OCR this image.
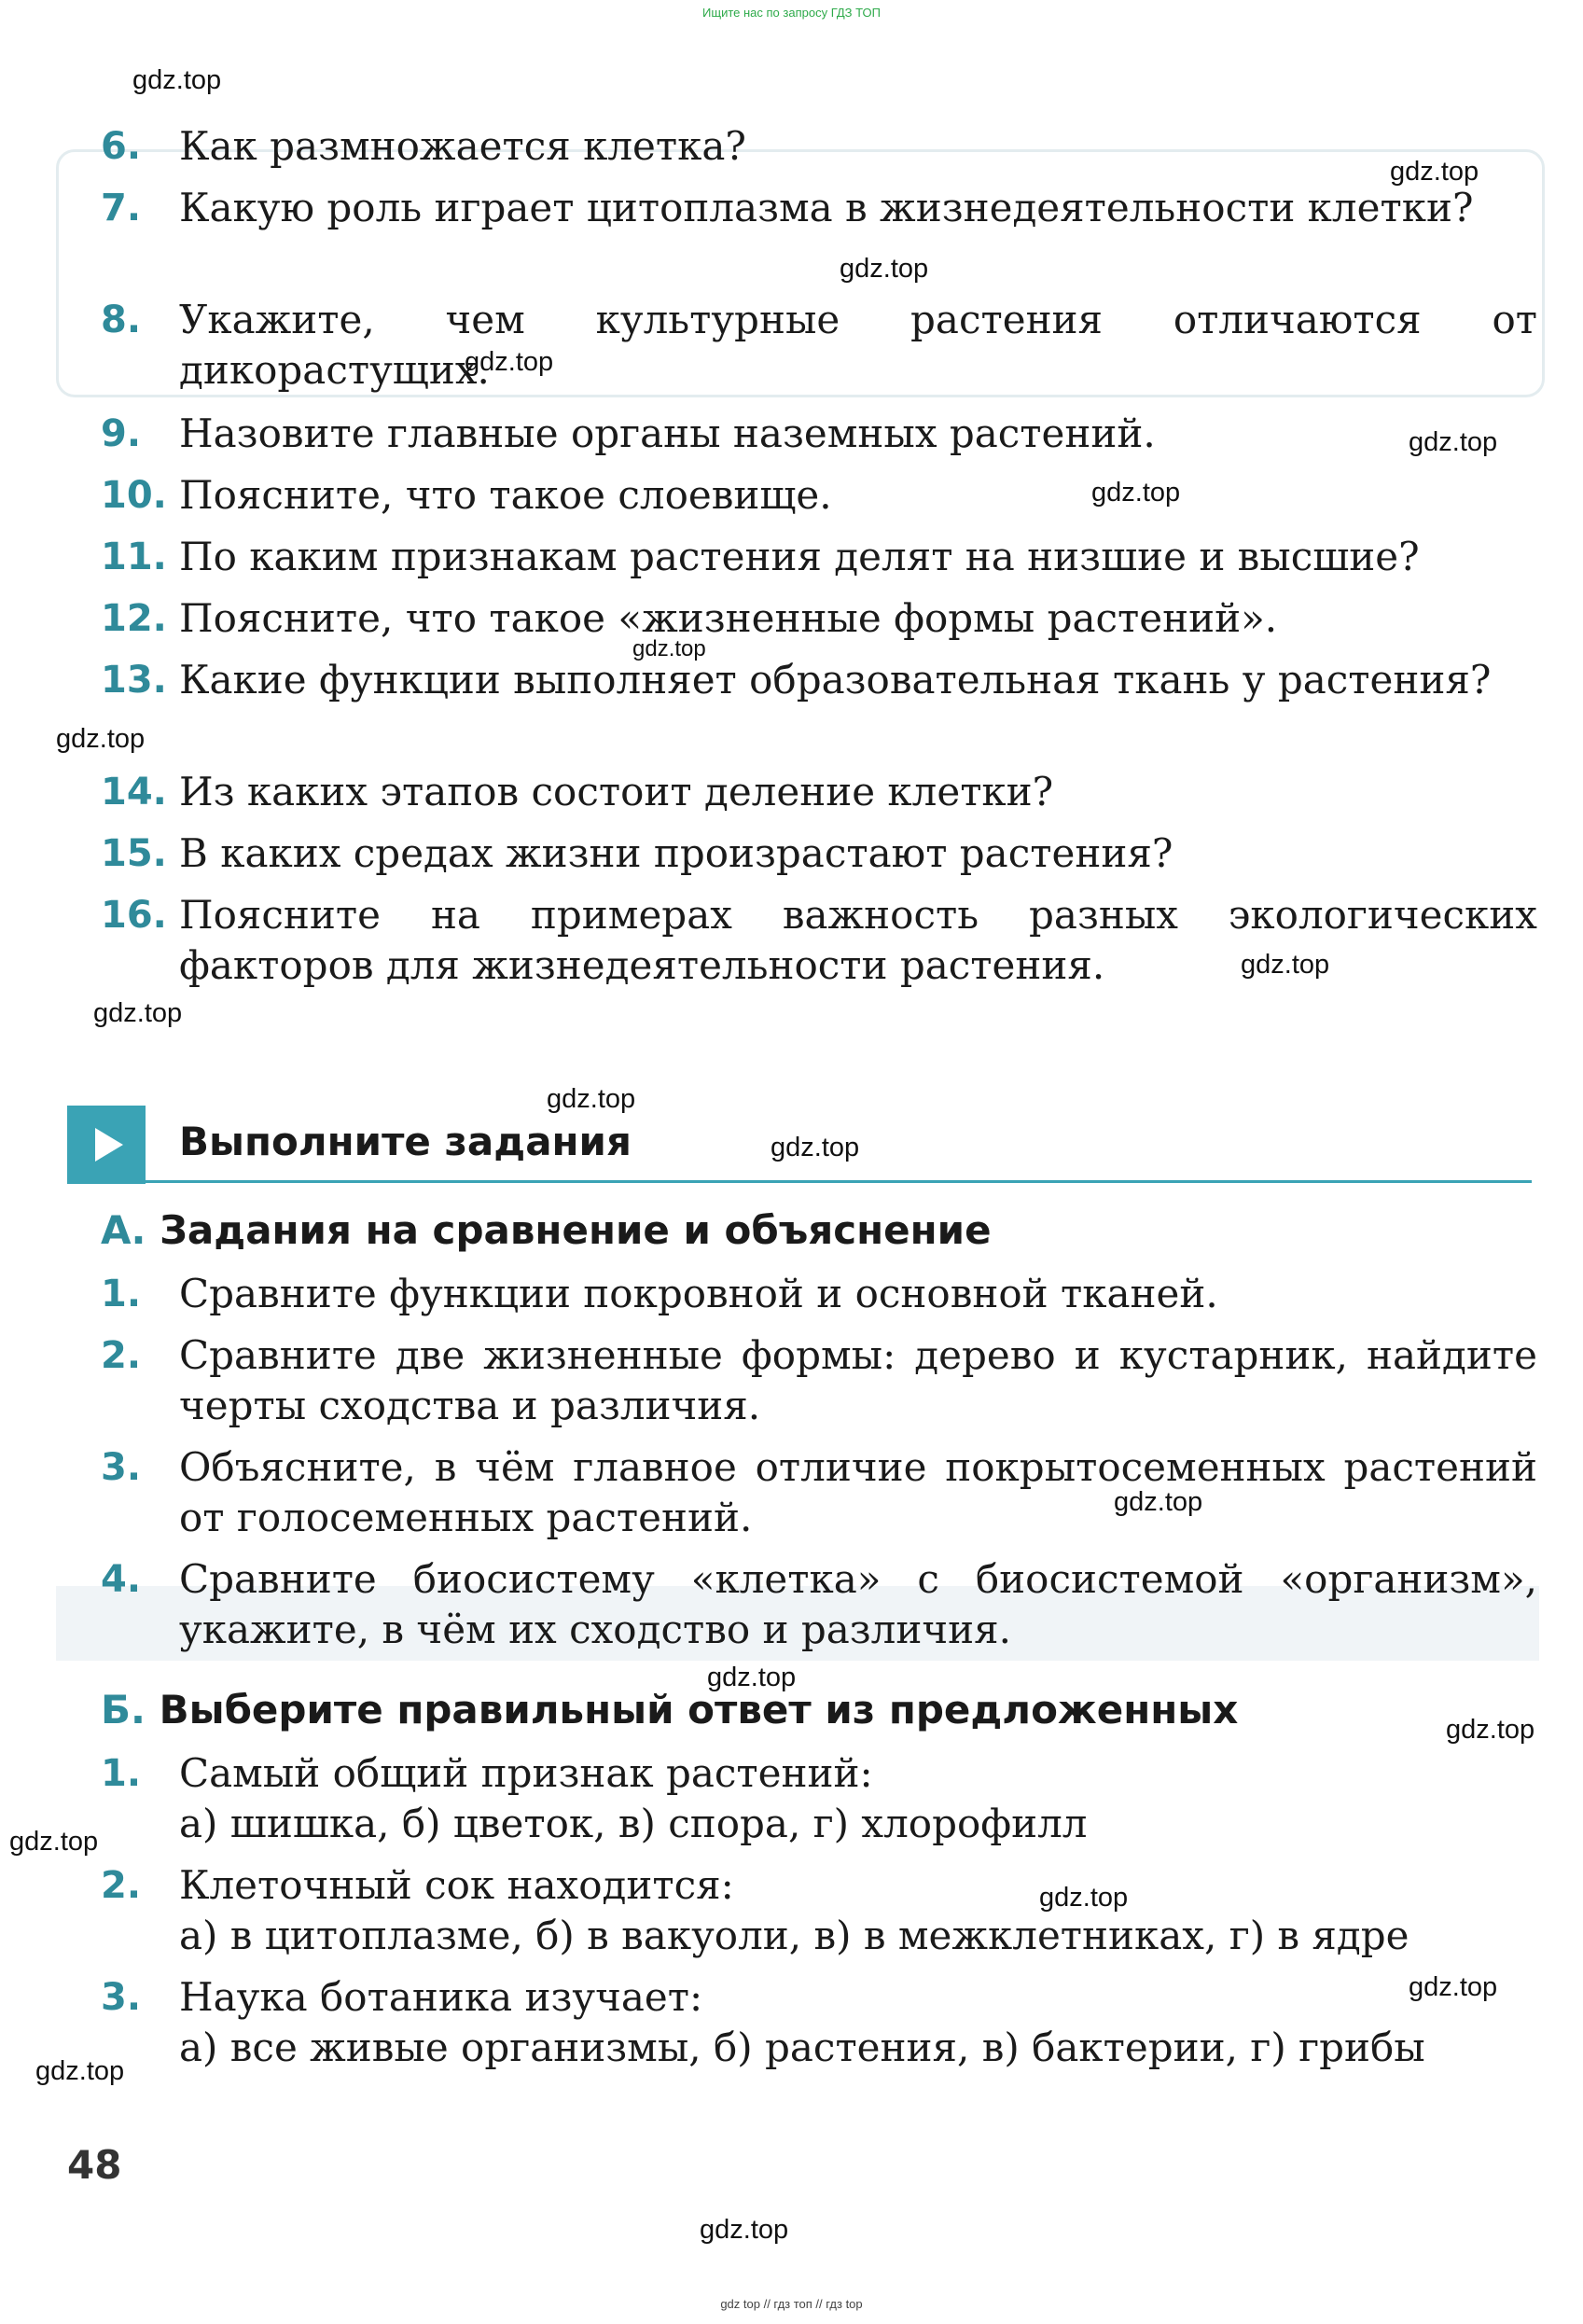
Ищите нас по запросу ГДЗ ТОП
6. Как размножается клетка?
7. Какую роль играет цитоплазма в жизнедеятельности клетки?
8. Укажите, чем культурные растения отличаются от дикорастущих.
9. Назовите главные органы наземных растений.
10. Поясните, что такое слоевище.
11. По каким признакам растения делят на низшие и высшие?
12. Поясните, что такое «жизненные формы растений».
13. Какие функции выполняет образовательная ткань у растения?
14. Из каких этапов состоит деление клетки?
15. В каких средах жизни произрастают растения?
16. Поясните на примерах важность разных экологических факторов для жизнедеятельности растения.
Выполните задания
А. Задания на сравнение и объяснение
1. Сравните функции покровной и основной тканей.
2. Сравните две жизненные формы: дерево и кустарник, найдите черты сходства и различия.
3. Объясните, в чём главное отличие покрытосеменных растений от голосеменных растений.
4. Сравните биосистему «клетка» с биосистемой «организм», укажите, в чём их сходство и различия.
Б. Выберите правильный ответ из предложенных
1. Самый общий признак растений:
а) шишка, б) цветок, в) спора, г) хлорофилл
2. Клеточный сок находится:
а) в цитоплазме, б) в вакуоли, в) в межклетниках, г) в ядре
3. Наука ботаника изучает:
а) все живые организмы, б) растения, в) бактерии, г) грибы
48
gdz.top
gdz.top
gdz.top
gdz.top
gdz.top
gdz.top
gdz.top
gdz.top
gdz.top
gdz.top
gdz.top
gdz.top
gdz.top
gdz.top
gdz.top
gdz.top
gdz.top
gdz.top
gdz.top
gdz.top
gdz top // гдз топ // гдз top
